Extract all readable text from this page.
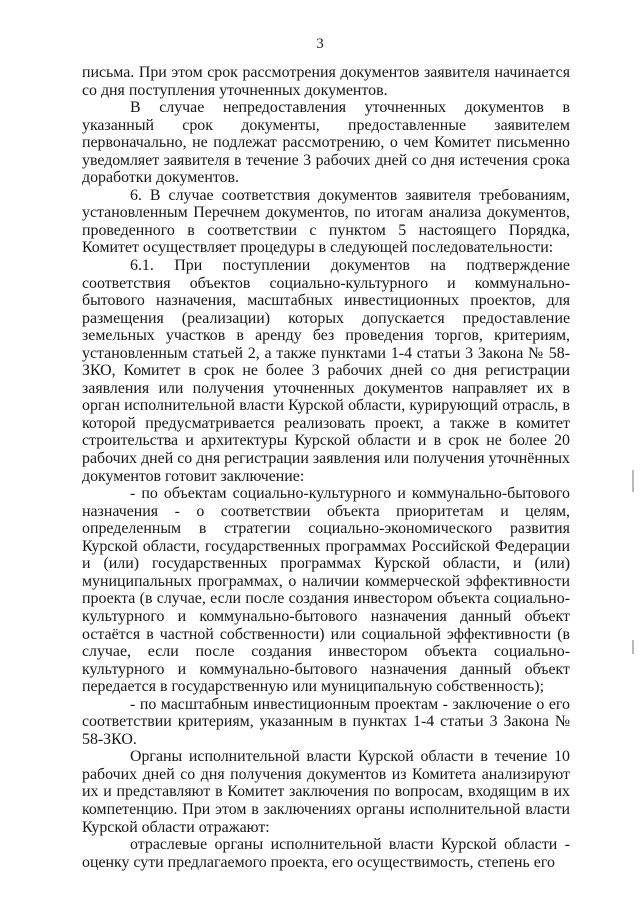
3

письма. При этом срок рассмотрения документов заявителя начинается со дня поступления уточненных документов.

В случае непредоставления уточненных документов в указанный срок документы, предоставленные заявителем первоначально, не подлежат рассмотрению, о чем Комитет письменно уведомляет заявителя в течение 3 рабочих дней со дня истечения срока доработки документов.

6. В случае соответствия документов заявителя требованиям, установленным Перечнем документов, по итогам анализа документов, проведенного в соответствии с пунктом 5 настоящего Порядка, Комитет осуществляет процедуры в следующей последовательности:

6.1. При поступлении документов на подтверждение соответствия объектов социально-культурного и коммунально-бытового назначения, масштабных инвестиционных проектов, для размещения (реализации) которых допускается предоставление земельных участков в аренду без проведения торгов, критериям, установленным статьей 2, а также пунктами 1-4 статьи 3 Закона № 58-ЗКО, Комитет в срок не более 3 рабочих дней со дня регистрации заявления или получения уточненных документов направляет их в орган исполнительной власти Курской области, курирующий отрасль, в которой предусматривается реализовать проект, а также в комитет строительства и архитектуры Курской области и в срок не более 20 рабочих дней со дня регистрации заявления или получения уточнённых документов готовит заключение:

- по объектам социально-культурного и коммунально-бытового назначения - о соответствии объекта приоритетам и целям, определенным в стратегии социально-экономического развития Курской области, государственных программах Российской Федерации и (или) государственных программах Курской области, и (или) муниципальных программах, о наличии коммерческой эффективности проекта (в случае, если после создания инвестором объекта социально-культурного и коммунально-бытового назначения данный объект остаётся в частной собственности) или социальной эффективности (в случае, если после создания инвестором объекта социально-культурного и коммунально-бытового назначения данный объект передается в государственную или муниципальную собственность);

- по масштабным инвестиционным проектам - заключение о его соответствии критериям, указанным в пунктах 1-4 статьи 3 Закона № 58-ЗКО.

Органы исполнительной власти Курской области в течение 10 рабочих дней со дня получения документов из Комитета анализируют их и представляют в Комитет заключения по вопросам, входящим в их компетенцию. При этом в заключениях органы исполнительной власти Курской области отражают:

отраслевые органы исполнительной власти Курской области - оценку сути предлагаемого проекта, его осуществимость, степень его
